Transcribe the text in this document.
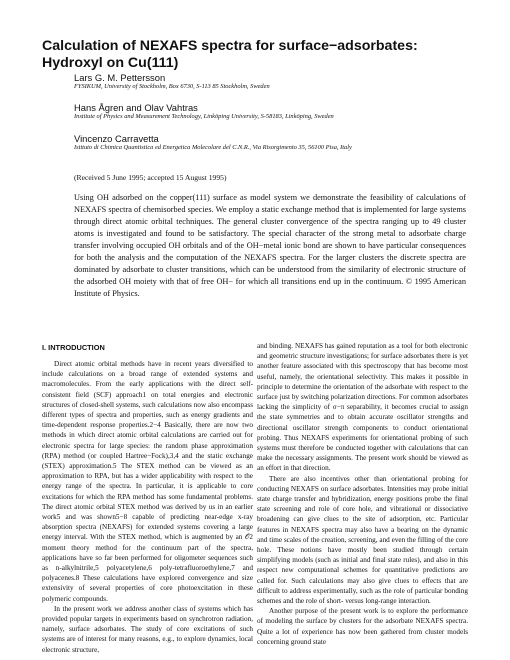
Calculation of NEXAFS spectra for surface−adsorbates: Hydroxyl on Cu(111)
Lars G. M. Pettersson
FYSIKUM, University of Stockholm, Box 6730, S-113 85 Stockholm, Sweden
Hans Ågren and Olav Vahtras
Institute of Physics and Measurement Technology, Linköping University, S-58183, Linköping, Sweden
Vincenzo Carravetta
Istituto di Chimica Quantistica ed Energetica Molecolare del C.N.R., Via Risorgimento 35, 56100 Pisa, Italy
(Received 5 June 1995; accepted 15 August 1995)

Using OH adsorbed on the copper(111) surface as model system we demonstrate the feasibility of calculations of NEXAFS spectra of chemisorbed species. We employ a static exchange method that is implemented for large systems through direct atomic orbital techniques. The general cluster convergence of the spectra ranging up to 49 cluster atoms is investigated and found to be satisfactory. The special character of the strong metal to adsorbate charge transfer involving occupied OH orbitals and of the OH−metal ionic bond are shown to have particular consequences for both the analysis and the computation of the NEXAFS spectra. For the larger clusters the discrete spectra are dominated by adsorbate to cluster transitions, which can be understood from the similarity of electronic structure of the adsorbed OH moiety with that of free OH− for which all transitions end up in the continuum. © 1995 American Institute of Physics.

I. INTRODUCTION

Direct atomic orbital methods have in recent years diversified to include calculations on a broad range of extended systems and macromolecules. From the early applications with the direct self-consistent field (SCF) approach1 on total energies and electronic structures of closed-shell systems, such calculations now also encompass different types of spectra and properties, such as energy gradients and time-dependent response properties.2−4 Basically, there are now two methods in which direct atomic orbital calculations are carried out for electronic spectra for large species: the random phase approximation (RPA) method (or coupled Hartree−Fock),3,4 and the static exchange (STEX) approximation.5 The STEX method can be viewed as an approximation to RPA, but has a wider applicability with respect to the energy range of the spectra. In particular, it is applicable to core excitations for which the RPA method has some fundamental problems. The direct atomic orbital STEX method was derived by us in an earlier work5 and was shown5−8 capable of predicting near-edge x-ray absorption spectra (NEXAFS) for extended systems covering a large energy interval. With the STEX method, which is augmented by an 𝒪2 moment theory method for the continuum part of the spectra, applications have so far been performed for oligometer sequences such as n-alkylnitrile,5 polyacetylene,6 poly-tetrafluoroethylene,7 and polyacenes.8 These calculations have explored convergence and size extensivity of several properties of core photoexcitation in these polymeric compounds.

In the present work we address another class of systems which has provided popular targets in experiments based on synchrotron radiation, namely, surface adsorbates. The study of core excitations of such systems are of interest for many reasons, e.g., to explore dynamics, local electronic structure,

and binding. NEXAFS has gained reputation as a tool for both electronic and geometric structure investigations; for surface adsorbates there is yet another feature associated with this spectroscopy that has become most useful, namely, the orientational selectivity. This makes it possible in principle to determine the orientation of the adsorbate with respect to the surface just by switching polarization directions. For common adsorbates lacking the simplicity of σ−π separability, it becomes crucial to assign the state symmetries and to obtain accurate oscillator strengths and directional oscillator strength components to conduct orientational probing. Thus NEXAFS experiments for orientational probing of such systems must therefore be conducted together with calculations that can make the necessary assignments. The present work should be viewed as an effort in that direction.

There are also incentives other than orientational probing for conducting NEXAFS on surface adsorbates. Intensities may probe initial state charge transfer and hybridization, energy positions probe the final state screening and role of core hole, and vibrational or dissociative broadening can give clues to the site of adsorption, etc. Particular features in NEXAFS spectra may also have a bearing on the dynamic and time scales of the creation, screening, and even the filling of the core hole. These notions have mostly been studied through certain simplifying models (such as initial and final state rules), and also in this respect new computational schemes for quantitative predictions are called for. Such calculations may also give clues to effects that are difficult to address experimentally, such as the role of particular bonding schemes and the role of short- versus long-range interaction.

Another purpose of the present work is to explore the performance of modeling the surface by clusters for the adsorbate NEXAFS spectra. Quite a lot of experience has now been gathered from cluster models concerning ground state
